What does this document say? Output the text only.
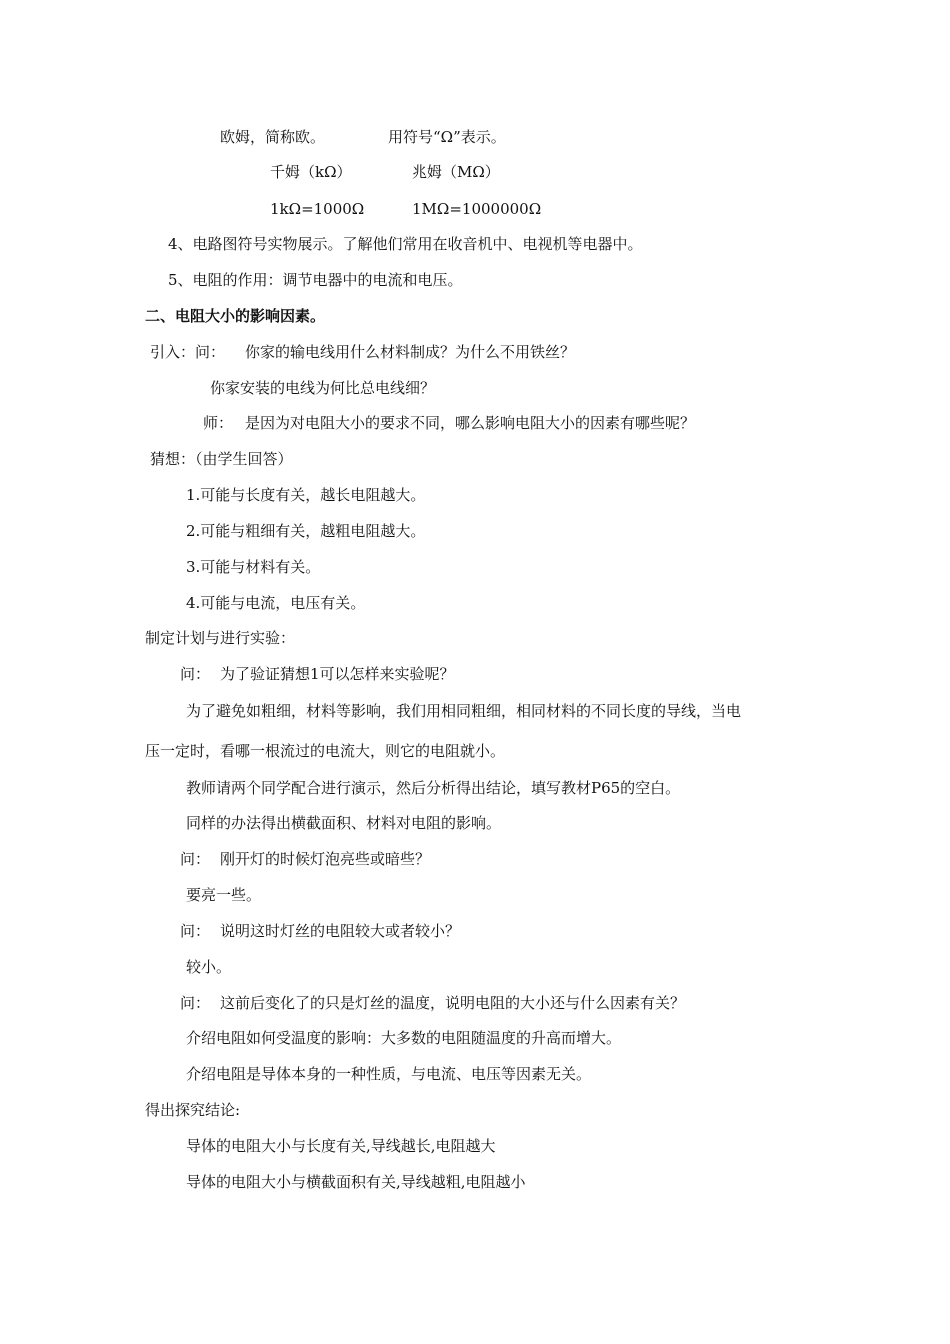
欧姆，简称欧。	用符号“Ω”表示。
千姆（kΩ）	兆姆（MΩ）
1kΩ=1000Ω	1MΩ=1000000Ω
4、电路图符号实物展示。了解他们常用在收音机中、电视机等电器中。
5、电阻的作用：调节电器中的电流和电压。
二、电阻大小的影响因素。
引入：问： 你家的输电线用什么材料制成？为什么不用铁丝？
你家安装的电线为何比总电线细？
师： 是因为对电阻大小的要求不同，哪么影响电阻大小的因素有哪些呢？
猜想：（由学生回答）
1.可能与长度有关，越长电阻越大。
2.可能与粗细有关，越粗电阻越大。
3.可能与材料有关。
4.可能与电流，电压有关。
制定计划与进行实验：
问： 为了验证猜想1可以怎样来实验呢？
为了避免如粗细，材料等影响，我们用相同粗细，相同材料的不同长度的导线，当电
压一定时，看哪一根流过的电流大，则它的电阻就小。
教师请两个同学配合进行演示，然后分析得出结论，填写教材P65的空白。
同样的办法得出横截面积、材料对电阻的影响。
问： 刚开灯的时候灯泡亮些或暗些？
要亮一些。
问： 说明这时灯丝的电阻较大或者较小？
较小。
问： 这前后变化了的只是灯丝的温度，说明电阻的大小还与什么因素有关？
介绍电阻如何受温度的影响：大多数的电阻随温度的升高而增大。
介绍电阻是导体本身的一种性质，与电流、电压等因素无关。
得出探究结论:
导体的电阻大小与长度有关,导线越长,电阻越大
导体的电阻大小与横截面积有关,导线越粗,电阻越小
